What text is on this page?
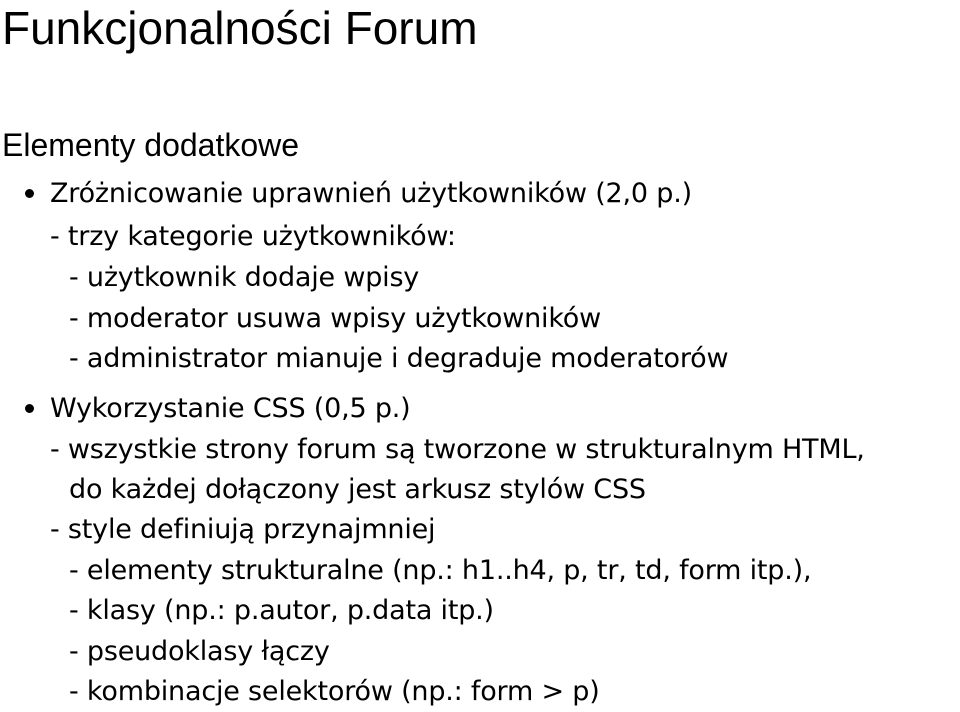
Funkcjonalności Forum
Elementy dodatkowe
Zróżnicowanie uprawnień użytkowników (2,0 p.)
- trzy kategorie użytkowników:
- użytkownik dodaje wpisy
- moderator usuwa wpisy użytkowników
- administrator mianuje i degraduje moderatorów
Wykorzystanie CSS (0,5 p.)
- wszystkie strony forum są tworzone w strukturalnym HTML,
do każdej dołączony jest arkusz stylów CSS
- style definiują przynajmniej
- elementy strukturalne (np.: h1..h4, p, tr, td, form itp.),
- klasy (np.: p.autor, p.data itp.)
- pseudoklasy łączy
- kombinacje selektorów (np.: form > p)
